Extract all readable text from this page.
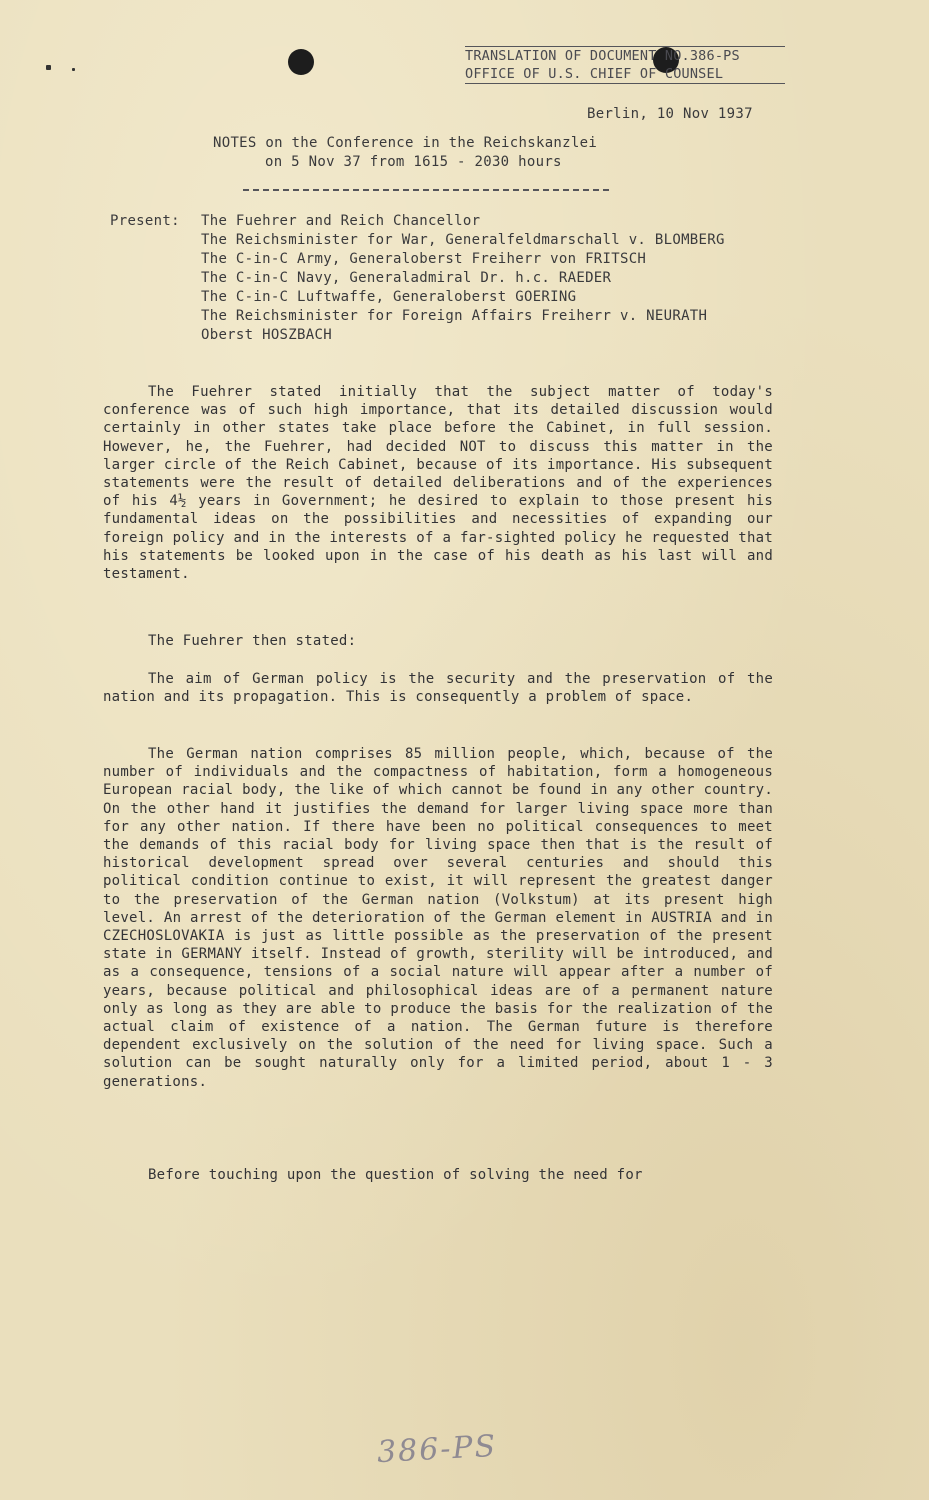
TRANSLATION OF DOCUMENT NO.386-PS
OFFICE OF U.S. CHIEF OF COUNSEL
Berlin, 10 Nov 1937
NOTES on the Conference in the Reichskanzlei
on 5 Nov 37 from 1615 - 2030 hours
Present: The Fuehrer and Reich Chancellor
The Reichsminister for War, Generalfeldmarschall v. BLOMBERG
The C-in-C Army, Generaloberst Freiherr von FRITSCH
The C-in-C Navy, Generaladmiral Dr. h.c. RAEDER
The C-in-C Luftwaffe, Generaloberst GOERING
The Reichsminister for Foreign Affairs Freiherr v. NEURATH
Oberst HOSZBACH

The Fuehrer stated initially that the subject matter of today's conference was of such high importance, that its detailed discussion would certainly in other states take place before the Cabinet, in full session. However, he, the Fuehrer, had decided NOT to discuss this matter in the larger circle of the Reich Cabinet, because of its importance. His subsequent statements were the result of detailed deliberations and of the experiences of his 4½ years in Government; he desired to explain to those present his fundamental ideas on the possibilities and necessities of expanding our foreign policy and in the interests of a far-sighted policy he requested that his statements be looked upon in the case of his death as his last will and testament.

The Fuehrer then stated:

The aim of German policy is the security and the preservation of the nation and its propagation. This is consequently a problem of space.

The German nation comprises 85 million people, which, because of the number of individuals and the compactness of habitation, form a homogeneous European racial body, the like of which cannot be found in any other country. On the other hand it justifies the demand for larger living space more than for any other nation. If there have been no political consequences to meet the demands of this racial body for living space then that is the result of historical development spread over several centuries and should this political condition continue to exist, it will represent the greatest danger to the preservation of the German nation (Volkstum) at its present high level. An arrest of the deterioration of the German element in AUSTRIA and in CZECHOSLOVAKIA is just as little possible as the preservation of the present state in GERMANY itself. Instead of growth, sterility will be introduced, and as a consequence, tensions of a social nature will appear after a number of years, because political and philosophical ideas are of a permanent nature only as long as they are able to produce the basis for the realization of the actual claim of existence of a nation. The German future is therefore dependent exclusively on the solution of the need for living space. Such a solution can be sought naturally only for a limited period, about 1 - 3 generations.

Before touching upon the question of solving the need for

386-PS
